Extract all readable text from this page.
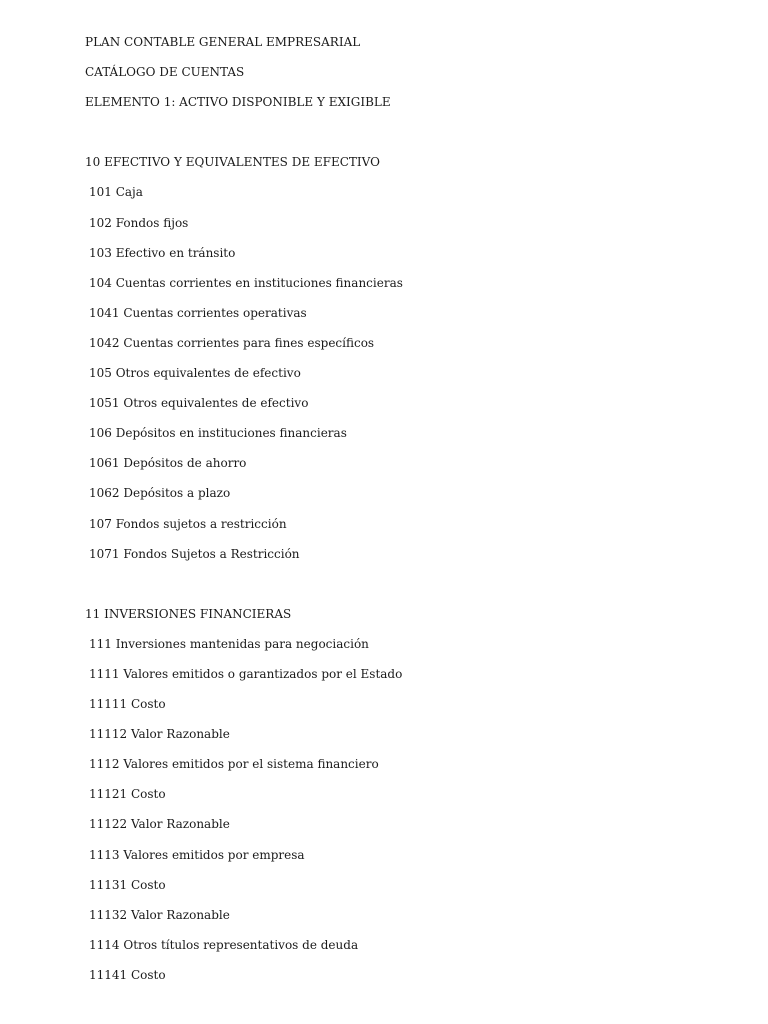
PLAN CONTABLE GENERAL EMPRESARIAL
CATÁLOGO DE CUENTAS
ELEMENTO 1: ACTIVO DISPONIBLE Y EXIGIBLE
10 EFECTIVO Y EQUIVALENTES DE EFECTIVO
101 Caja
102 Fondos fijos
103 Efectivo en tránsito
104 Cuentas corrientes en instituciones financieras
1041 Cuentas corrientes operativas
1042 Cuentas corrientes para fines específicos
105 Otros equivalentes de efectivo
1051 Otros equivalentes de efectivo
106 Depósitos en instituciones financieras
1061 Depósitos de ahorro
1062 Depósitos a plazo
107 Fondos sujetos a restricción
1071 Fondos Sujetos a Restricción
11 INVERSIONES FINANCIERAS
111 Inversiones mantenidas para negociación
1111 Valores emitidos o garantizados por el Estado
11111 Costo
11112 Valor Razonable
1112 Valores emitidos por el sistema financiero
11121 Costo
11122 Valor Razonable
1113 Valores emitidos por empresa
11131 Costo
11132 Valor Razonable
1114 Otros títulos representativos de deuda
11141 Costo
